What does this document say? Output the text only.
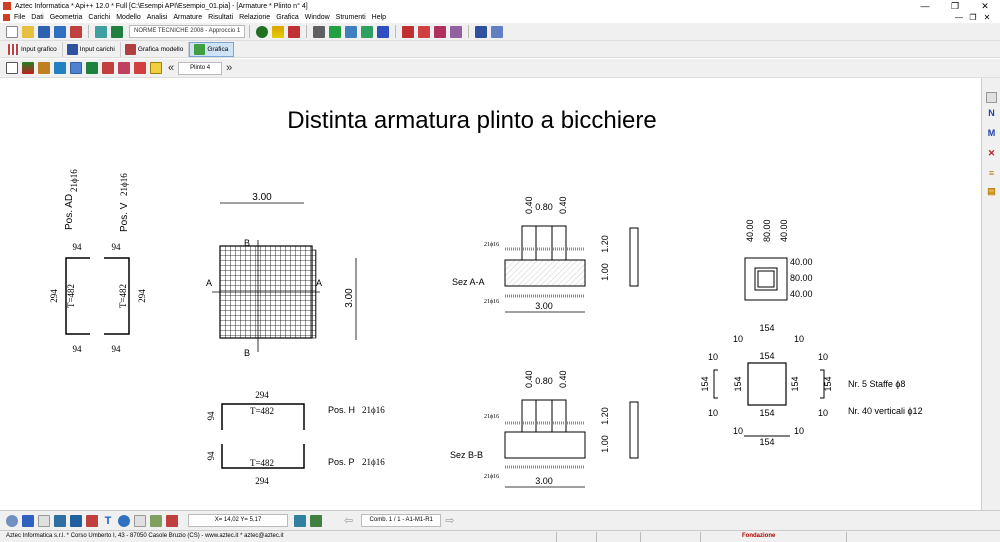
Aztec Informatica * Api++ 12.0 * Full [C:\Esempi API\Esempio_01.pia] - [Armature * Plinto n° 4]	—	❐	✕
File Dati Geometria Carichi Modello Analisi Armature Risultati Relazione Grafica Window Strumenti Help	— ❐ ✕
NORME TECNICHE 2008 - Approccio 1
Input grafico	Input carichi	Grafica modello	Grafica
«	Plinto 4	»
Distinta armatura plinto a bicchiere
Pos. AD
21ϕ16
Pos. V
21ϕ16
94	94
294 T=482	T=482 294
94	94
3.00
A	A
B
B
3.00
294
T=482
T=482
94
94
294
Pos. H 21ϕ16
Pos. P 21ϕ16
0.40 0.80 0.40
21ϕ16
21ϕ16
Sez A-A
1.20
1.00
3.00
0.40 0.80 0.40
21ϕ16
21ϕ16
Sez B-B
1.20
1.00
3.00
40.00 80.00 40.00
40.00
80.00
40.00
154
154
154
154
154	154	154	154
10	10
10	10
10	10
10	10
Nr. 5 Staffe ϕ8
Nr. 40 verticali ϕ12
N
M
✕
≡
▤
T	X= 14,02 Y= 5,17	⇦	Comb. 1 / 1 - A1-M1-R1	⇨
Aztec Informatica s.r.l. * Corso Umberto I, 43 - 87050 Casole Bruzio (CS) - www.aztec.it * aztec@aztec.it	Fondazione
